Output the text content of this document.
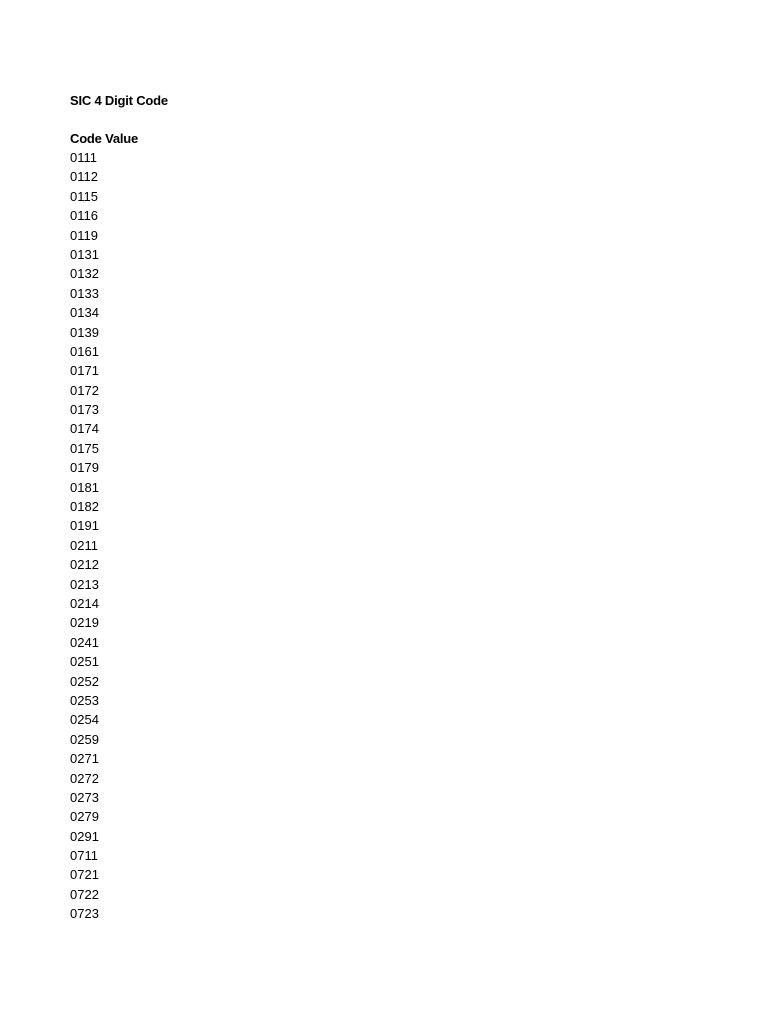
SIC 4 Digit Code
Code Value
0111
0112
0115
0116
0119
0131
0132
0133
0134
0139
0161
0171
0172
0173
0174
0175
0179
0181
0182
0191
0211
0212
0213
0214
0219
0241
0251
0252
0253
0254
0259
0271
0272
0273
0279
0291
0711
0721
0722
0723
